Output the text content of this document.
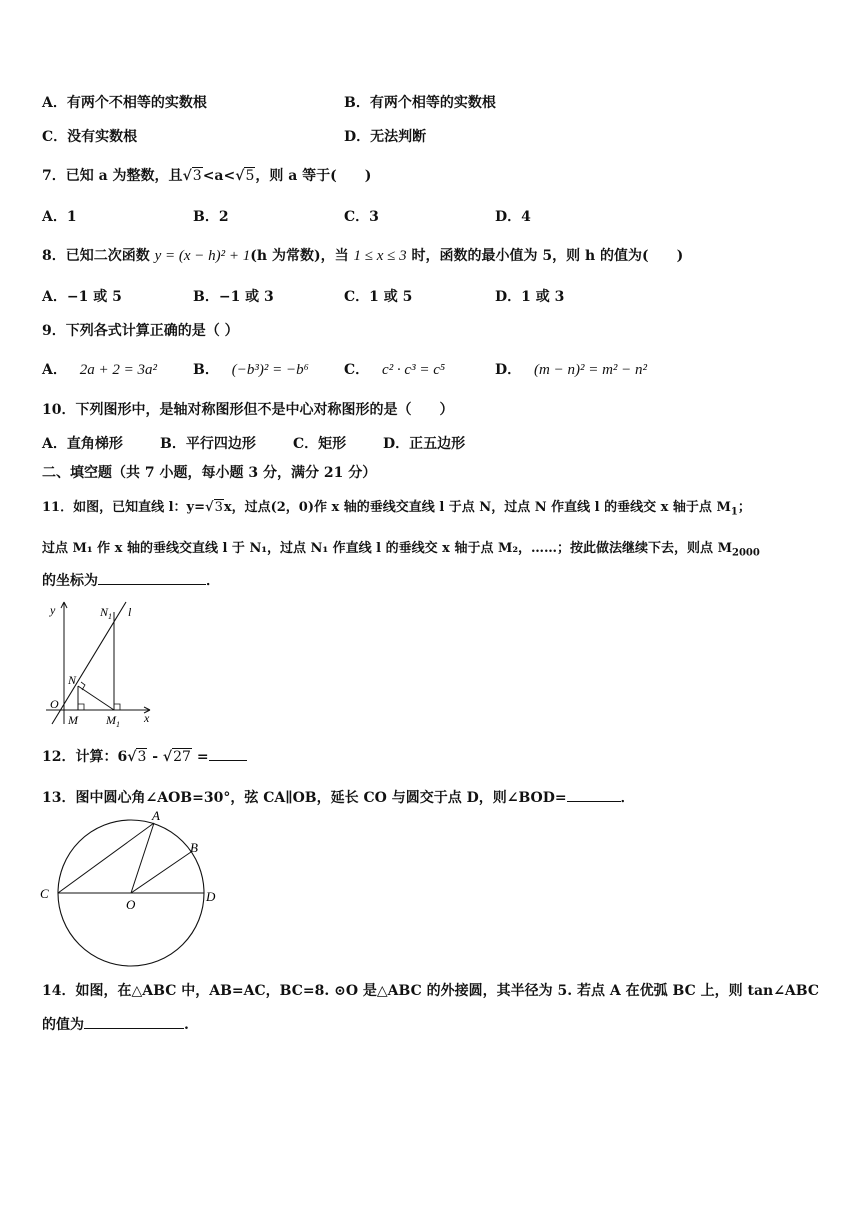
A．有两个不相等的实数根	B．有两个相等的实数根
C．没有实数根	D．无法判断
7．已知 a 为整数，且√3<a<√5，则 a 等于(　　)
A．1	B．2	C．3	D．4
8．已知二次函数 y = (x − h)² + 1(h 为常数)，当 1 ≤ x ≤ 3 时，函数的最小值为 5，则 h 的值为(　　)
A．−1 或 5	B．−1 或 3	C．1 或 5	D．1 或 3
9．下列各式计算正确的是（ ）
A． 2a + 2 = 3a²	B． (−b³)² = −b⁶	C． c² · c³ = c⁵	D． (m − n)² = m² − n²
10．下列图形中，是轴对称图形但不是中心对称图形的是（　　）
A．直角梯形	B．平行四边形	C．矩形	D．正五边形
二、填空题（共 7 小题，每小题 3 分，满分 21 分）
11．如图，已知直线 l：y=√3x，过点(2，0)作 x 轴的垂线交直线 l 于点 N，过点 N 作直线 l 的垂线交 x 轴于点 $M_1$；
过点 M₁ 作 x 轴的垂线交直线 l 于 N₁，过点 N₁ 作直线 l 的垂线交 x 轴于点 M₂，……；按此做法继续下去，则点 $M_{2000}$
的坐标为	．
y
x
O
N
$N_1$ l
M $M_1$
12．计算：6√3 - √27 =
13．图中圆心角∠AOB=30°，弦 CA∥OB，延长 CO 与圆交于点 D，则∠BOD=	．
A
B
C
O
D
14．如图，在△ABC 中，AB=AC，BC=8. ⊙O 是△ABC 的外接圆，其半径为 5. 若点 A 在优弧 BC 上，则 tan∠ABC
的值为	.
